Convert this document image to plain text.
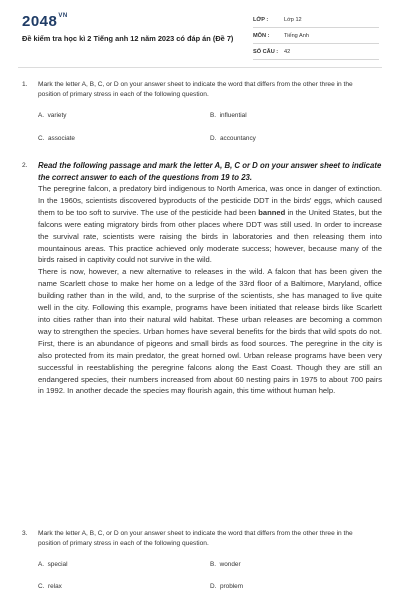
$2048^{VN}$
Đề kiểm tra học kì 2 Tiếng anh 12 năm 2023 có đáp án (Đề 7)
LỚP :	Lớp 12
MÔN :	Tiếng Anh
SỐ CÂU : 42
1. Mark the letter A, B, C, or D on your answer sheet to indicate the word that differs from the other three in the position of primary stress in each of the following question.
A. variety	B. influential
C. associate	D. accountancy
2. Read the following passage and mark the letter A, B, C or D on your answer sheet to indicate the correct answer to each of the questions from 19 to 23.

The peregrine falcon, a predatory bird indigenous to North America, was once in danger of extinction. In the 1960s, scientists discovered byproducts of the pesticide DDT in the birds' eggs, which caused them to be too soft to survive. The use of the pesticide had been banned in the United States, but the falcons were eating migratory birds from other places where DDT was still used. In order to increase the survival rate, scientists were raising the birds in laboratories and then releasing them into mountainous areas. This practice achieved only moderate success; however, because many of the birds raised in captivity could not survive in the wild.

There is now, however, a new alternative to releases in the wild. A falcon that has been given the name Scarlett chose to make her home on a ledge of the 33rd floor of a Baltimore, Maryland, office building rather than in the wild, and, to the surprise of the scientists, she has managed to live quite well in the city. Following this example, programs have been initiated that release birds like Scarlett into cities rather than into their natural wild habitat. These urban releases are becoming a common way to strengthen the species. Urban homes have several benefits for the birds that wild spots do not. First, there is an abundance of pigeons and small birds as food sources. The peregrine in the city is also protected from its main predator, the great horned owl. Urban release programs have been very successful in reestablishing the peregrine falcons along the East Coast. Though they are still an endangered species, their numbers increased from about 60 nesting pairs in 1975 to about 700 pairs in 1992. In another decade the species may flourish again, this time without human help.

3. Mark the letter A, B, C, or D on your answer sheet to indicate the word that differs from the other three in the position of primary stress in each of the following question.
A. special	B. wonder
C. relax	D. problem
